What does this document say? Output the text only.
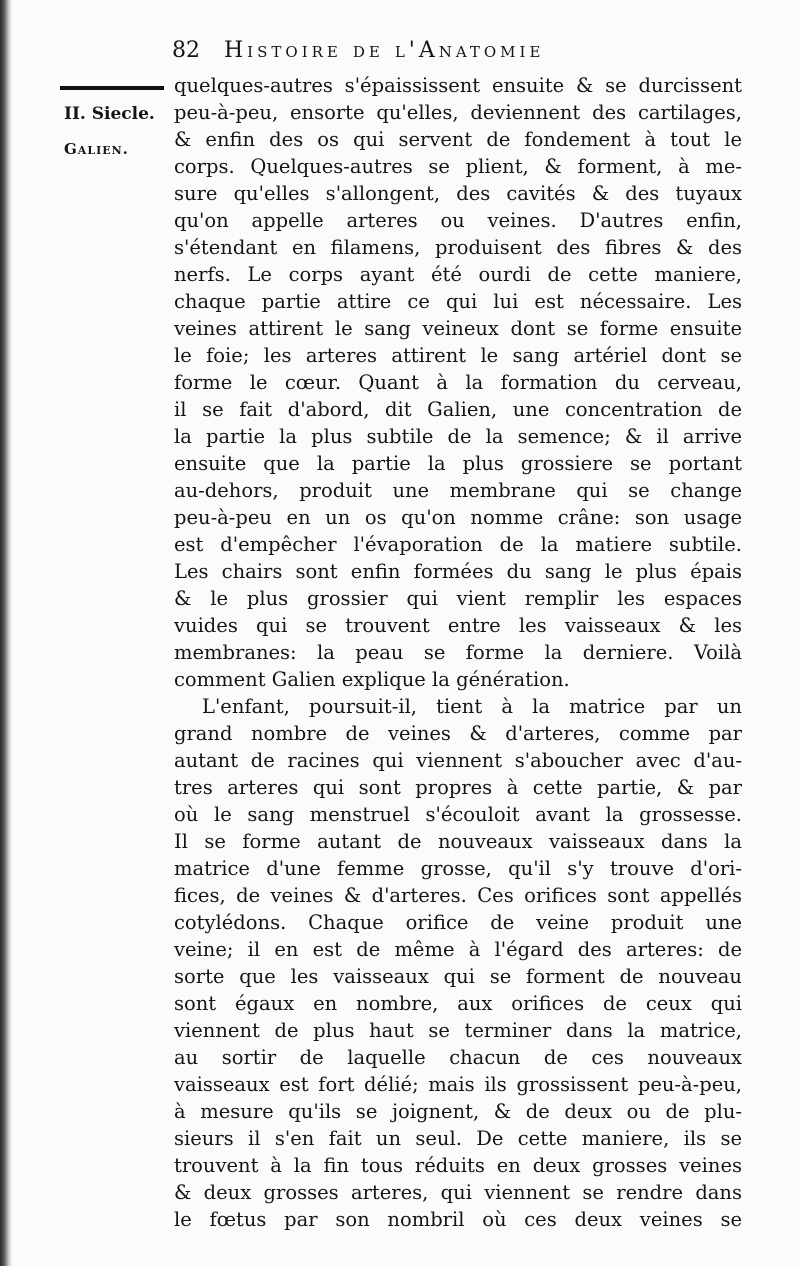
82 Histoire de l'Anatomie
II. Siecle.
Galien.
quelques-autres s'épaississent ensuite & se durcissent
peu-à-peu, ensorte qu'elles, deviennent des cartilages,
& enfin des os qui servent de fondement à tout le
corps. Quelques-autres se plient, & forment, à me-
sure qu'elles s'allongent, des cavités & des tuyaux
qu'on appelle arteres ou veines. D'autres enfin,
s'étendant en filamens, produisent des fibres & des
nerfs. Le corps ayant été ourdi de cette maniere,
chaque partie attire ce qui lui est nécessaire. Les
veines attirent le sang veineux dont se forme ensuite
le foie; les arteres attirent le sang artériel dont se
forme le cœur. Quant à la formation du cerveau,
il se fait d'abord, dit Galien, une concentration de
la partie la plus subtile de la semence; & il arrive
ensuite que la partie la plus grossiere se portant
au-dehors, produit une membrane qui se change
peu-à-peu en un os qu'on nomme crâne: son usage
est d'empêcher l'évaporation de la matiere subtile.
Les chairs sont enfin formées du sang le plus épais
& le plus grossier qui vient remplir les espaces
vuides qui se trouvent entre les vaisseaux & les
membranes: la peau se forme la derniere. Voilà
comment Galien explique la génération.
L'enfant, poursuit-il, tient à la matrice par un
grand nombre de veines & d'arteres, comme par
autant de racines qui viennent s'aboucher avec d'au-
tres arteres qui sont propres à cette partie, & par
où le sang menstruel s'écouloit avant la grossesse.
Il se forme autant de nouveaux vaisseaux dans la
matrice d'une femme grosse, qu'il s'y trouve d'ori-
fices, de veines & d'arteres. Ces orifices sont appellés
cotylédons. Chaque orifice de veine produit une
veine; il en est de même à l'égard des arteres: de
sorte que les vaisseaux qui se forment de nouveau
sont égaux en nombre, aux orifices de ceux qui
viennent de plus haut se terminer dans la matrice,
au sortir de laquelle chacun de ces nouveaux
vaisseaux est fort délié; mais ils grossissent peu-à-peu,
à mesure qu'ils se joignent, & de deux ou de plu-
sieurs il s'en fait un seul. De cette maniere, ils se
trouvent à la fin tous réduits en deux grosses veines
& deux grosses arteres, qui viennent se rendre dans
le fœtus par son nombril où ces deux veines se
